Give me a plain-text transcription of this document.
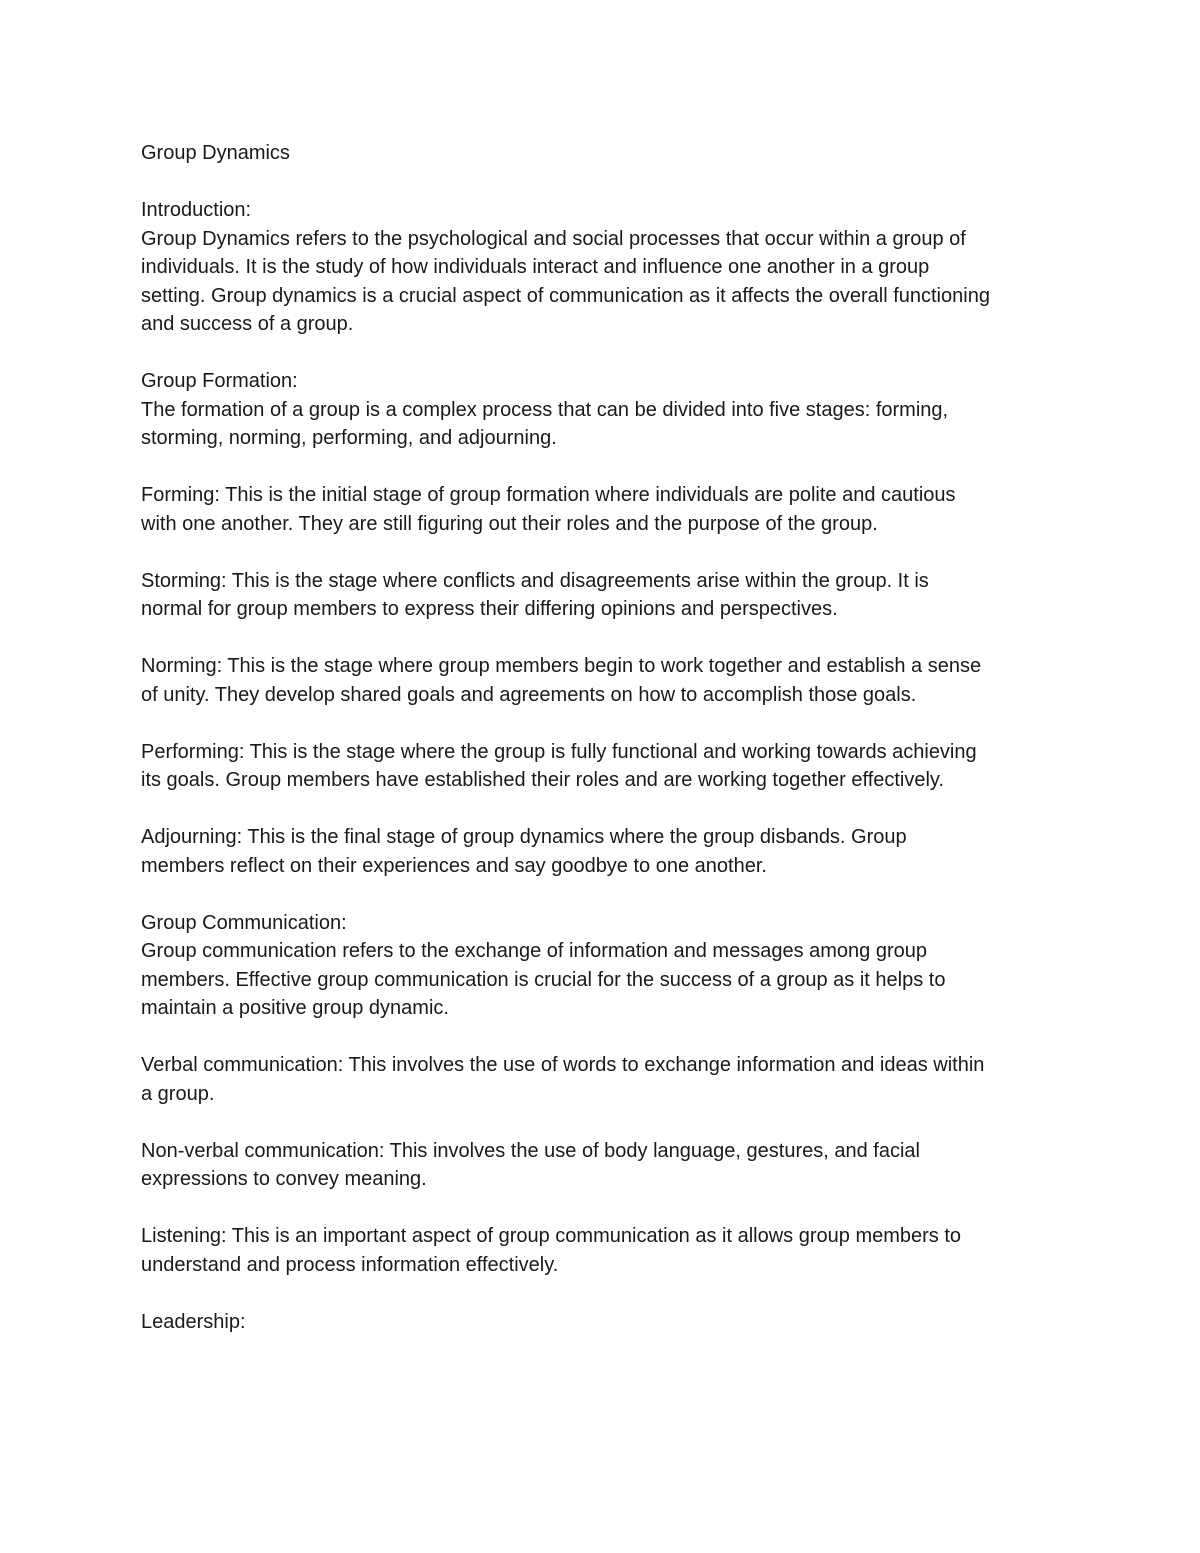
Group Dynamics
Introduction:
Group Dynamics refers to the psychological and social processes that occur within a group of
individuals. It is the study of how individuals interact and influence one another in a group
setting. Group dynamics is a crucial aspect of communication as it affects the overall functioning
and success of a group.
Group Formation:
The formation of a group is a complex process that can be divided into five stages: forming,
storming, norming, performing, and adjourning.
Forming: This is the initial stage of group formation where individuals are polite and cautious
with one another. They are still figuring out their roles and the purpose of the group.
Storming: This is the stage where conflicts and disagreements arise within the group. It is
normal for group members to express their differing opinions and perspectives.
Norming: This is the stage where group members begin to work together and establish a sense
of unity. They develop shared goals and agreements on how to accomplish those goals.
Performing: This is the stage where the group is fully functional and working towards achieving
its goals. Group members have established their roles and are working together effectively.
Adjourning: This is the final stage of group dynamics where the group disbands. Group
members reflect on their experiences and say goodbye to one another.
Group Communication:
Group communication refers to the exchange of information and messages among group
members. Effective group communication is crucial for the success of a group as it helps to
maintain a positive group dynamic.
Verbal communication: This involves the use of words to exchange information and ideas within
a group.
Non-verbal communication: This involves the use of body language, gestures, and facial
expressions to convey meaning.
Listening: This is an important aspect of group communication as it allows group members to
understand and process information effectively.
Leadership:
